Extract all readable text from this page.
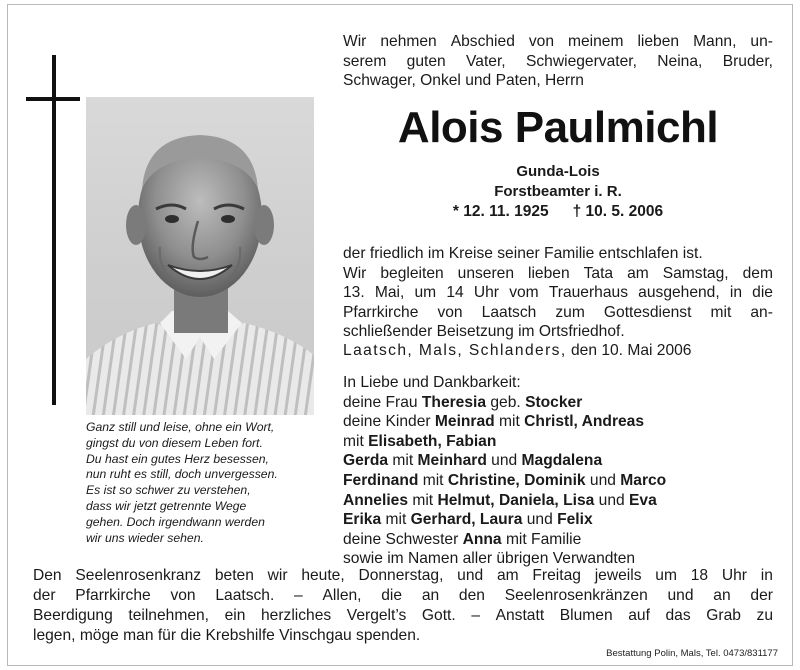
Ganz still und leise, ohne ein Wort,
gingst du von diesem Leben fort.
Du hast ein gutes Herz besessen,
nun ruht es still, doch unvergessen.
Es ist so schwer zu verstehen,
dass wir jetzt getrennte Wege
gehen. Doch irgendwann werden
wir uns wieder sehen.
Wir nehmen Abschied von meinem lieben Mann, un-
serem guten Vater, Schwiegervater, Neina, Bruder,
Schwager, Onkel und Paten, Herrn
Alois Paulmichl
Gunda-Lois
Forstbeamter i. R.
* 12. 11. 1925 † 10. 5. 2006
der friedlich im Kreise seiner Familie entschlafen ist.
Wir begleiten unseren lieben Tata am Samstag, dem
13. Mai, um 14 Uhr vom Trauerhaus ausgehend, in die
Pfarrkirche von Laatsch zum Gottesdienst mit an-
schließender Beisetzung im Ortsfriedhof.
Laatsch, Mals, Schlanders,
den 10. Mai 2006
In Liebe und Dankbarkeit:
deine Frau Theresia geb. Stocker
deine Kinder Meinrad mit Christl, Andreas
mit Elisabeth, Fabian
Gerda mit Meinhard und Magdalena
Ferdinand mit Christine, Dominik und Marco
Annelies mit Helmut, Daniela, Lisa und Eva
Erika mit Gerhard, Laura und Felix
deine Schwester Anna mit Familie
sowie im Namen aller übrigen Verwandten
Den Seelenrosenkranz beten wir heute, Donnerstag, und am Freitag jeweils um 18 Uhr in
der Pfarrkirche von Laatsch. – Allen, die an den Seelenrosenkränzen und an der
Beerdigung teilnehmen, ein herzliches Vergelt’s Gott. – Anstatt Blumen auf das Grab zu
legen, möge man für die Krebshilfe Vinschgau spenden.
Bestattung Polin, Mals, Tel. 0473/831177
